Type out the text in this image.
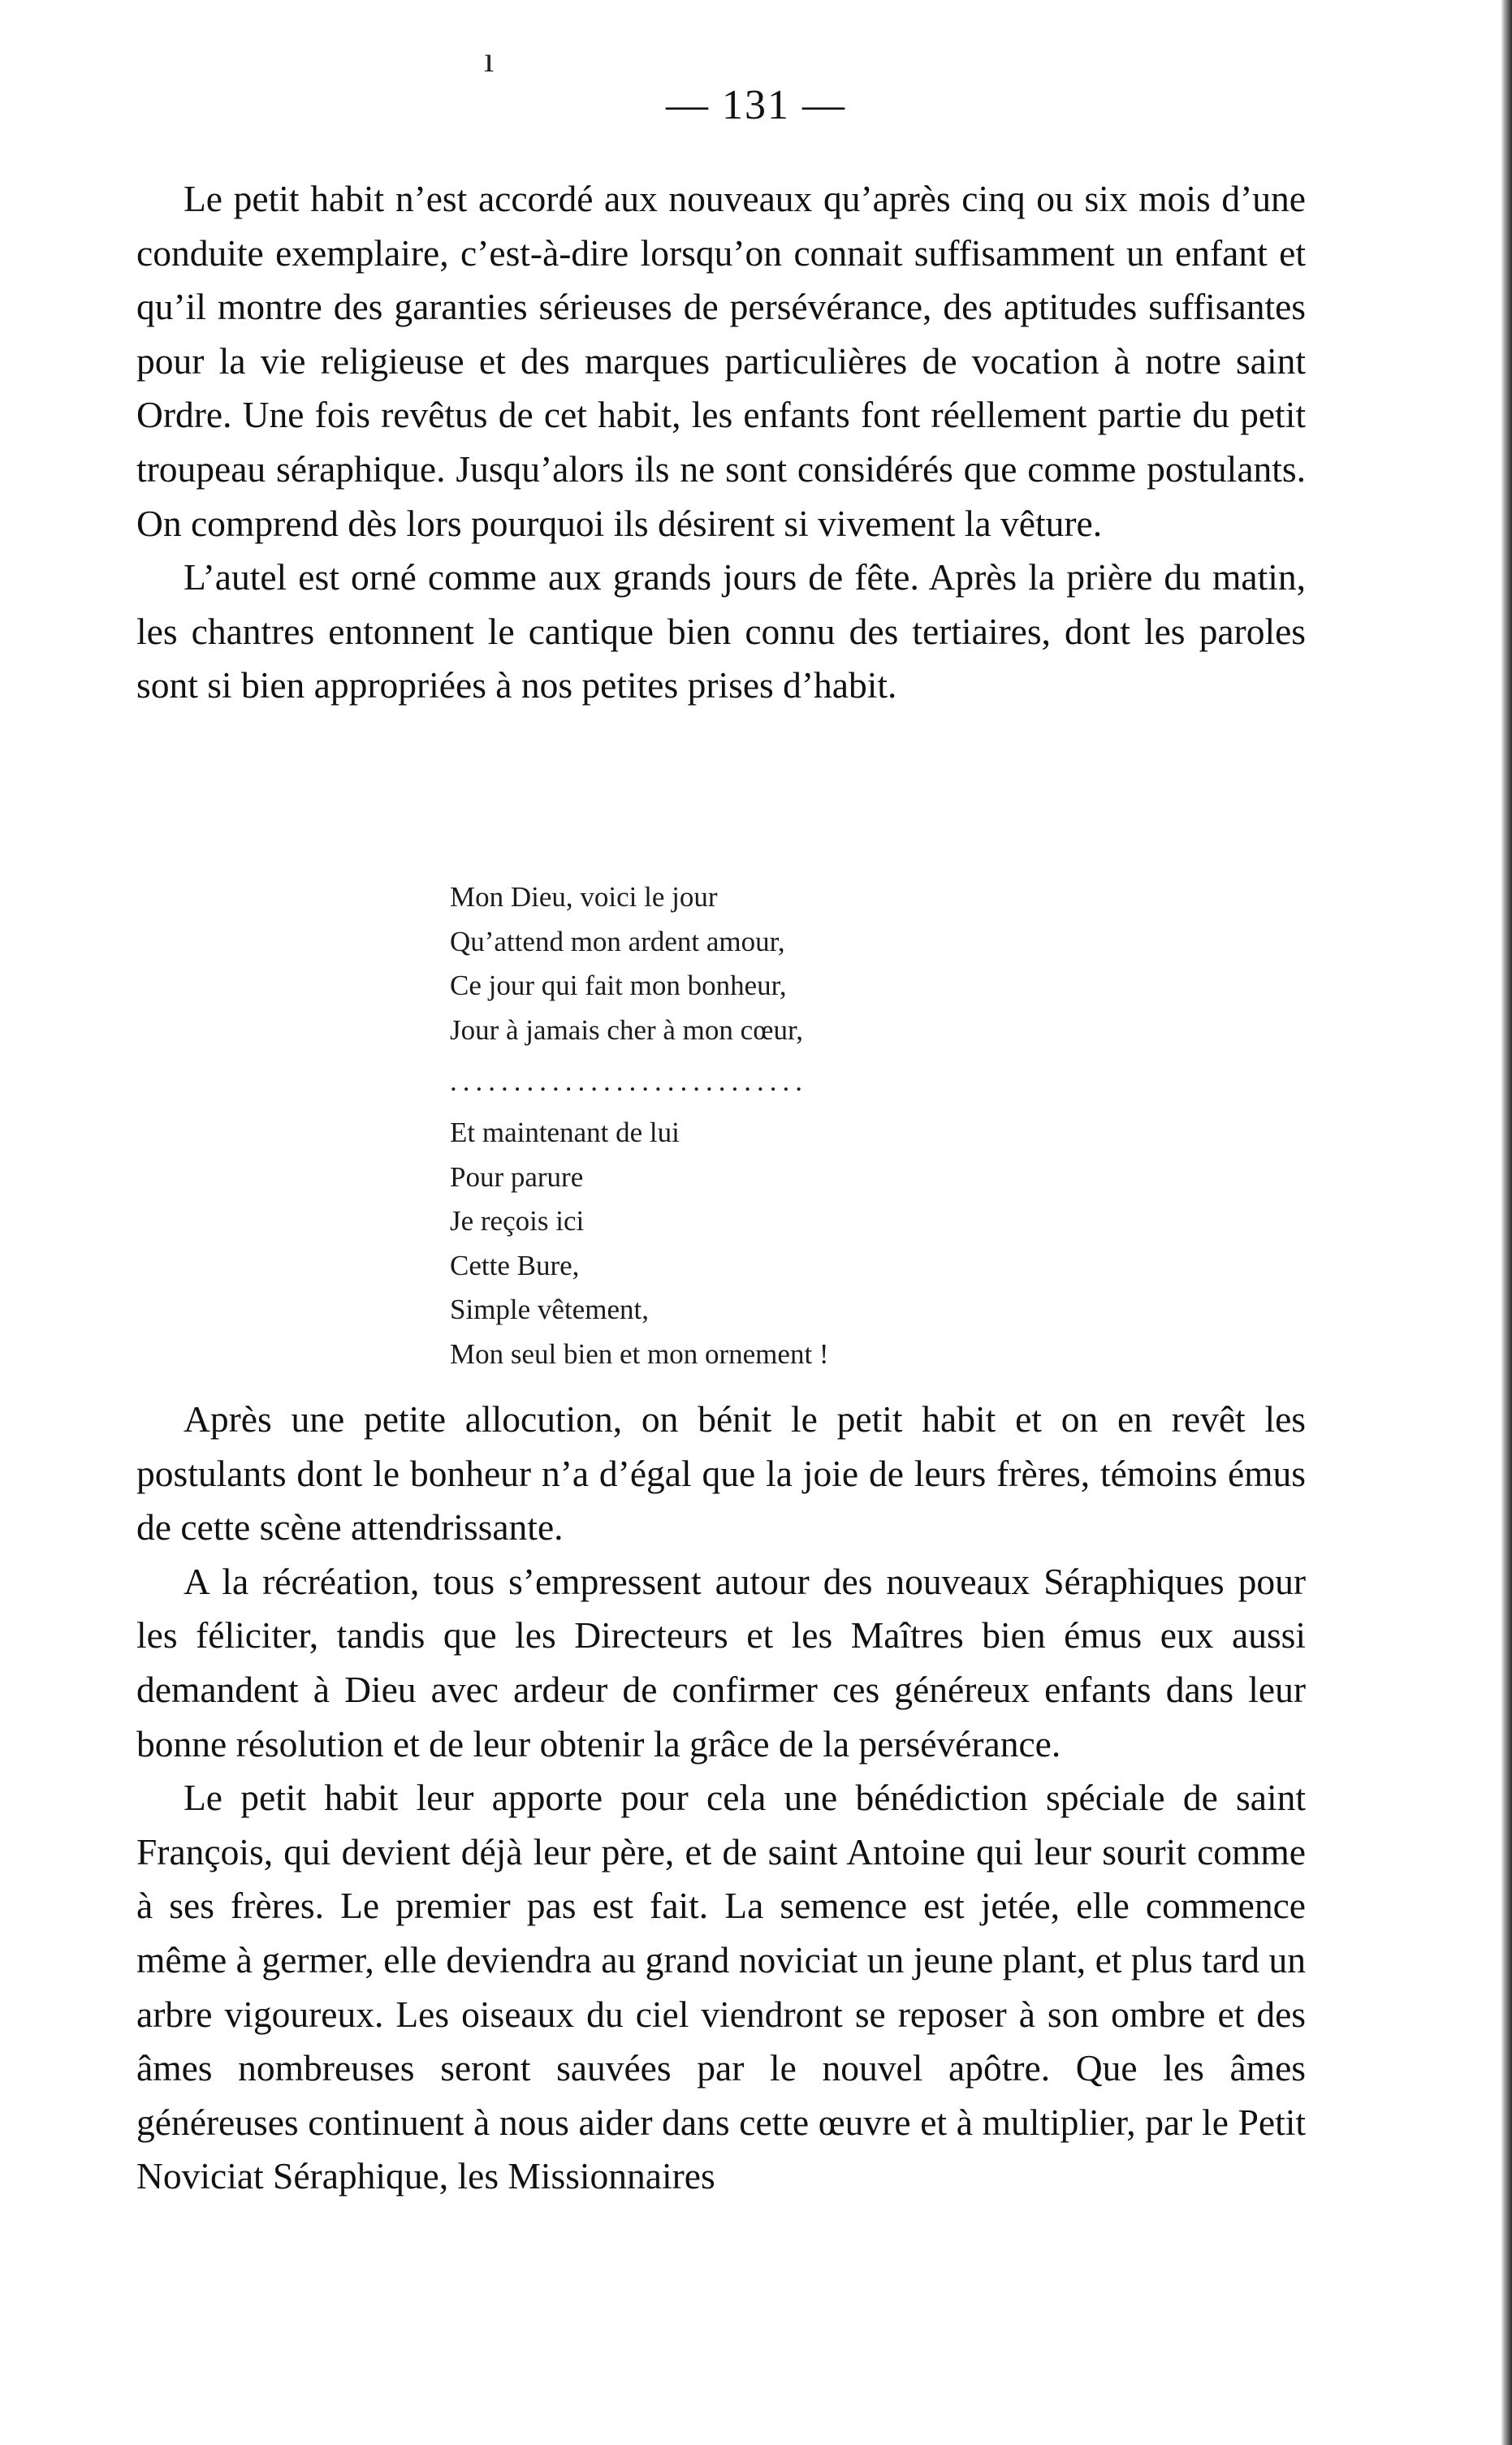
ı
— 131 —

Le petit habit n’est accordé aux nouveaux qu’après cinq ou six mois d’une conduite exemplaire, c’est-à-dire lorsqu’on connait suffisamment un enfant et qu’il montre des garanties sérieuses de persévérance, des aptitudes suffisantes pour la vie religieuse et des marques particulières de vocation à notre saint Ordre. Une fois revêtus de cet habit, les enfants font réellement partie du petit troupeau séraphique. Jusqu’alors ils ne sont considérés que comme postulants. On comprend dès lors pourquoi ils désirent si vivement la vêture.

L’autel est orné comme aux grands jours de fête. Après la prière du matin, les chantres entonnent le cantique bien connu des tertiaires, dont les paroles sont si bien appropriées à nos petites prises d’habit.

Mon Dieu, voici le jour
Qu’attend mon ardent amour,
Ce jour qui fait mon bonheur,
Jour à jamais cher à mon cœur,
............................
Et maintenant de lui
Pour parure
Je reçois ici
Cette Bure,
Simple vêtement,
Mon seul bien et mon ornement !

Après une petite allocution, on bénit le petit habit et on en revêt les postulants dont le bonheur n’a d’égal que la joie de leurs frères, témoins émus de cette scène attendrissante.

A la récréation, tous s’empressent autour des nouveaux Séraphiques pour les féliciter, tandis que les Directeurs et les Maîtres bien émus eux aussi demandent à Dieu avec ardeur de confirmer ces généreux enfants dans leur bonne résolution et de leur obtenir la grâce de la persévérance.

Le petit habit leur apporte pour cela une bénédiction spéciale de saint François, qui devient déjà leur père, et de saint Antoine qui leur sourit comme à ses frères. Le premier pas est fait. La semence est jetée, elle commence même à germer, elle deviendra au grand noviciat un jeune plant, et plus tard un arbre vigoureux. Les oiseaux du ciel viendront se reposer à son ombre et des âmes nombreuses seront sauvées par le nouvel apôtre. Que les âmes généreuses continuent à nous aider dans cette œuvre et à multiplier, par le Petit Noviciat Séraphique, les Missionnaires
